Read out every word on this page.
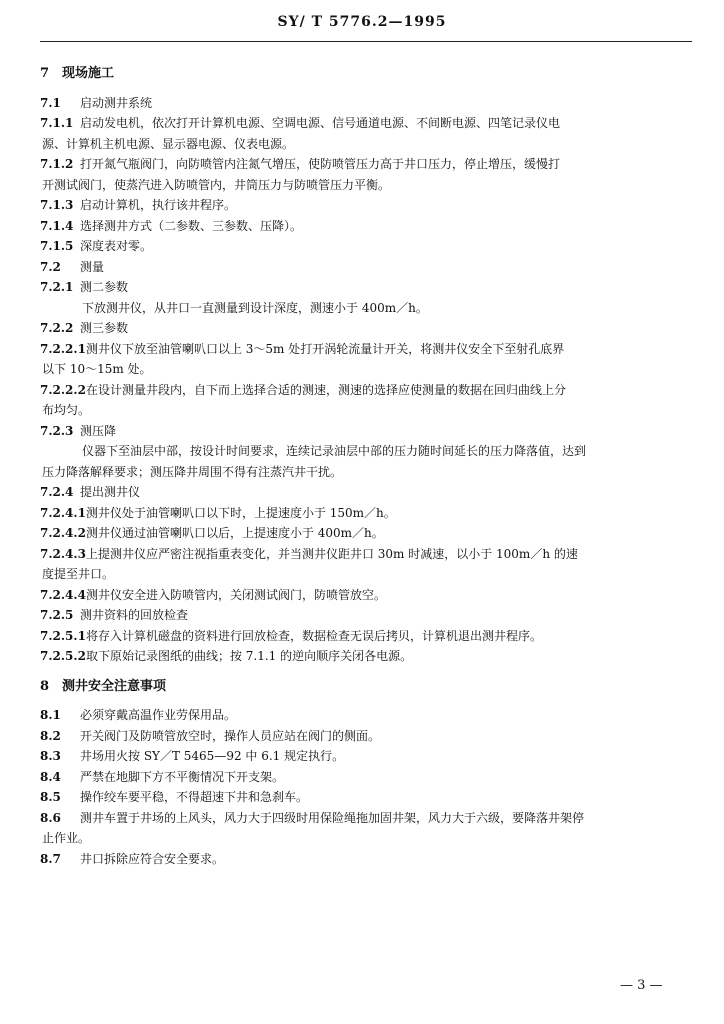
SY/ T 5776.2—1995
7 现场施工
7.1 启动测井系统
7.1.1 启动发电机，依次打开计算机电源、空调电源、信号通道电源、不间断电源、四笔记录仪电
源、计算机主机电源、显示器电源、仪表电源。
7.1.2 打开氮气瓶阀门，向防喷管内注氮气增压，使防喷管压力高于井口压力，停止增压，缓慢打
开测试阀门，使蒸汽进入防喷管内，井筒压力与防喷管压力平衡。
7.1.3 启动计算机，执行该井程序。
7.1.4 选择测井方式（二参数、三参数、压降）。
7.1.5 深度表对零。
7.2 测量
7.2.1 测二参数
下放测井仪，从井口一直测量到设计深度，测速小于 400m／h。
7.2.2 测三参数
7.2.2.1测井仪下放至油管喇叭口以上 3～5m 处打开涡轮流量计开关，将测井仪安全下至射孔底界
以下 10～15m 处。
7.2.2.2在设计测量井段内，自下而上选择合适的测速，测速的选择应使测量的数据在回归曲线上分
布均匀。
7.2.3 测压降
仪器下至油层中部，按设计时间要求，连续记录油层中部的压力随时间延长的压力降落值，达到
压力降落解释要求；测压降井周围不得有注蒸汽井干扰。
7.2.4 提出测井仪
7.2.4.1测井仪处于油管喇叭口以下时，上提速度小于 150m／h。
7.2.4.2测井仪通过油管喇叭口以后，上提速度小于 400m／h。
7.2.4.3上提测井仪应严密注视指重表变化，并当测井仪距井口 30m 时减速，以小于 100m／h 的速
度提至井口。
7.2.4.4测井仪安全进入防喷管内，关闭测试阀门，防喷管放空。
7.2.5 测井资料的回放检查
7.2.5.1将存入计算机磁盘的资料进行回放检查，数据检查无误后拷贝，计算机退出测井程序。
7.2.5.2取下原始记录图纸的曲线；按 7.1.1 的逆向顺序关闭各电源。
8 测井安全注意事项
8.1 必须穿戴高温作业劳保用品。
8.2 开关阀门及防喷管放空时，操作人员应站在阀门的侧面。
8.3 井场用火按 SY／T 5465—92 中 6.1 规定执行。
8.4 严禁在地脚下方不平衡情况下开支架。
8.5 操作绞车要平稳，不得超速下井和急刹车。
8.6 测井车置于井场的上风头，风力大于四级时用保险绳拖加固井架，风力大于六级，要降落井架停
止作业。
8.7 井口拆除应符合安全要求。
— 3 —
